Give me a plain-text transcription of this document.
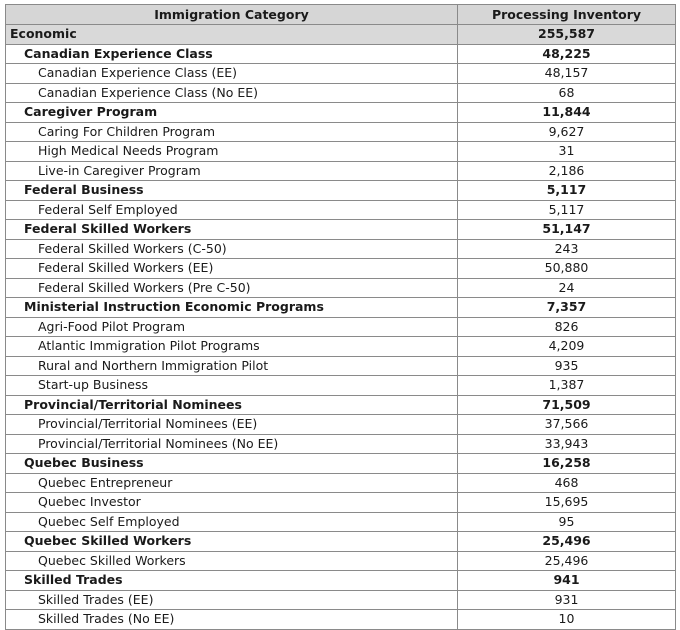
Immigration Category	Processing Inventory
Economic	255,587
Canadian Experience Class	48,225
Canadian Experience Class (EE)	48,157
Canadian Experience Class (No EE)	68
Caregiver Program	11,844
Caring For Children Program	9,627
High Medical Needs Program	31
Live-in Caregiver Program	2,186
Federal Business	5,117
Federal Self Employed	5,117
Federal Skilled Workers	51,147
Federal Skilled Workers (C-50)	243
Federal Skilled Workers (EE)	50,880
Federal Skilled Workers (Pre C-50)	24
Ministerial Instruction Economic Programs	7,357
Agri-Food Pilot Program	826
Atlantic Immigration Pilot Programs	4,209
Rural and Northern Immigration Pilot	935
Start-up Business	1,387
Provincial/Territorial Nominees	71,509
Provincial/Territorial Nominees (EE)	37,566
Provincial/Territorial Nominees (No EE)	33,943
Quebec Business	16,258
Quebec Entrepreneur	468
Quebec Investor	15,695
Quebec Self Employed	95
Quebec Skilled Workers	25,496
Quebec Skilled Workers	25,496
Skilled Trades	941
Skilled Trades (EE)	931
Skilled Trades (No EE)	10
